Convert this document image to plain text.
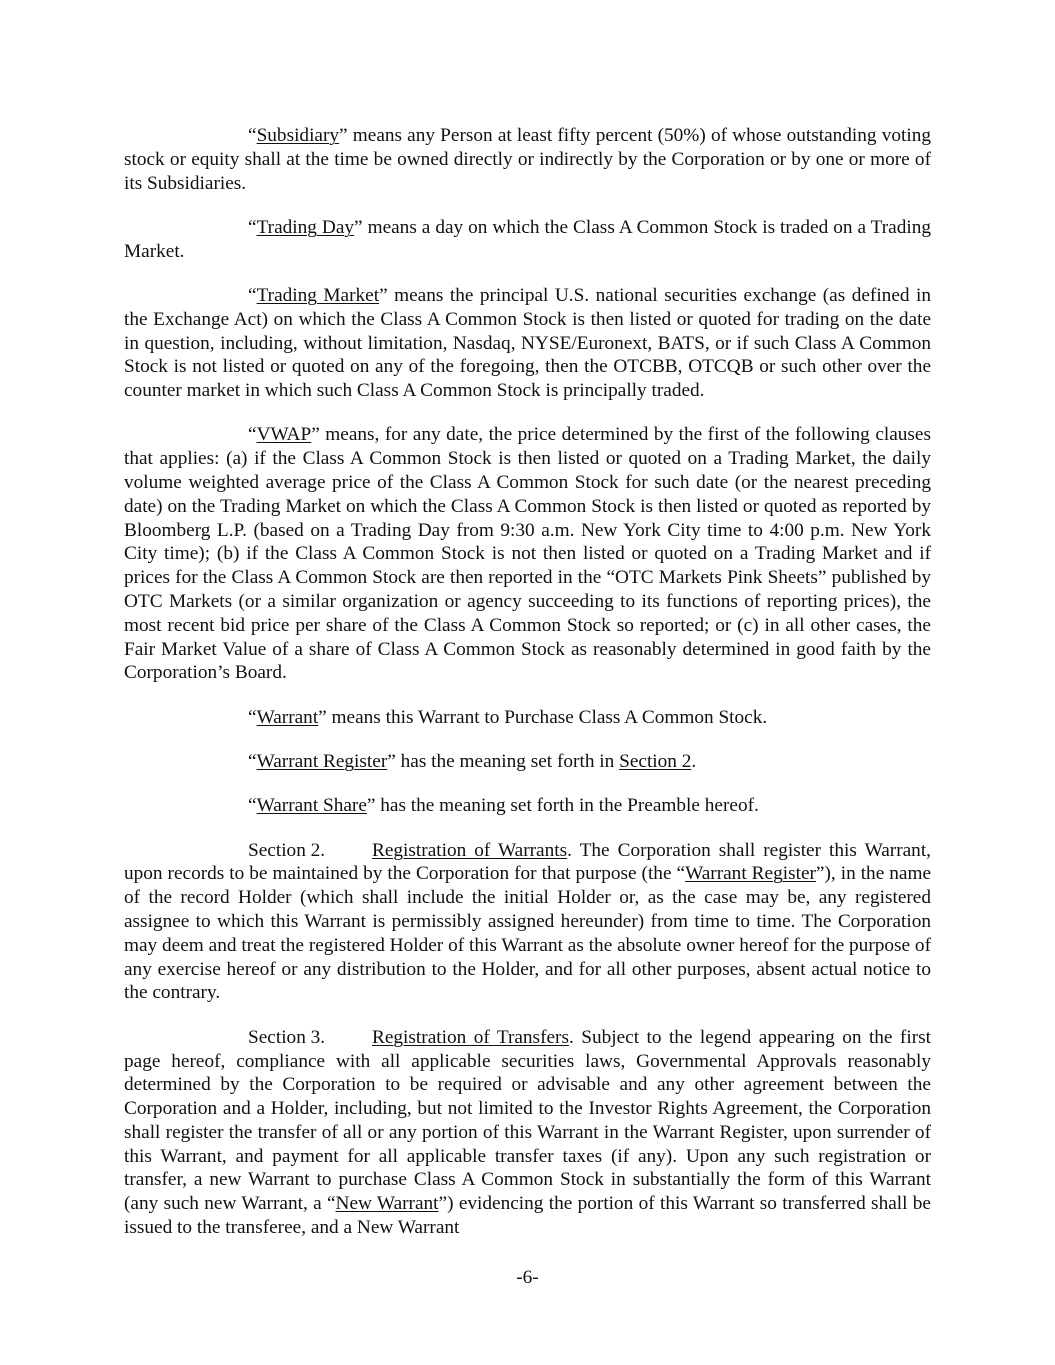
“Subsidiary” means any Person at least fifty percent (50%) of whose outstanding voting stock or equity shall at the time be owned directly or indirectly by the Corporation or by one or more of its Subsidiaries.

“Trading Day” means a day on which the Class A Common Stock is traded on a Trading Market.

“Trading Market” means the principal U.S. national securities exchange (as defined in the Exchange Act) on which the Class A Common Stock is then listed or quoted for trading on the date in question, including, without limitation, Nasdaq, NYSE/Euronext, BATS, or if such Class A Common Stock is not listed or quoted on any of the foregoing, then the OTCBB, OTCQB or such other over the counter market in which such Class A Common Stock is principally traded.

“VWAP” means, for any date, the price determined by the first of the following clauses that applies: (a) if the Class A Common Stock is then listed or quoted on a Trading Market, the daily volume weighted average price of the Class A Common Stock for such date (or the nearest preceding date) on the Trading Market on which the Class A Common Stock is then listed or quoted as reported by Bloomberg L.P. (based on a Trading Day from 9:30 a.m. New York City time to 4:00 p.m. New York City time); (b) if the Class A Common Stock is not then listed or quoted on a Trading Market and if prices for the Class A Common Stock are then reported in the “OTC Markets Pink Sheets” published by OTC Markets (or a similar organization or agency succeeding to its functions of reporting prices), the most recent bid price per share of the Class A Common Stock so reported; or (c) in all other cases, the Fair Market Value of a share of Class A Common Stock as reasonably determined in good faith by the Corporation’s Board.

“Warrant” means this Warrant to Purchase Class A Common Stock.

“Warrant Register” has the meaning set forth in Section 2.

“Warrant Share” has the meaning set forth in the Preamble hereof.

Section 2. Registration of Warrants. The Corporation shall register this Warrant, upon records to be maintained by the Corporation for that purpose (the “Warrant Register”), in the name of the record Holder (which shall include the initial Holder or, as the case may be, any registered assignee to which this Warrant is permissibly assigned hereunder) from time to time. The Corporation may deem and treat the registered Holder of this Warrant as the absolute owner hereof for the purpose of any exercise hereof or any distribution to the Holder, and for all other purposes, absent actual notice to the contrary.

Section 3. Registration of Transfers. Subject to the legend appearing on the first page hereof, compliance with all applicable securities laws, Governmental Approvals reasonably determined by the Corporation to be required or advisable and any other agreement between the Corporation and a Holder, including, but not limited to the Investor Rights Agreement, the Corporation shall register the transfer of all or any portion of this Warrant in the Warrant Register, upon surrender of this Warrant, and payment for all applicable transfer taxes (if any). Upon any such registration or transfer, a new Warrant to purchase Class A Common Stock in substantially the form of this Warrant (any such new Warrant, a “New Warrant”) evidencing the portion of this Warrant so transferred shall be issued to the transferee, and a New Warrant

-6-
